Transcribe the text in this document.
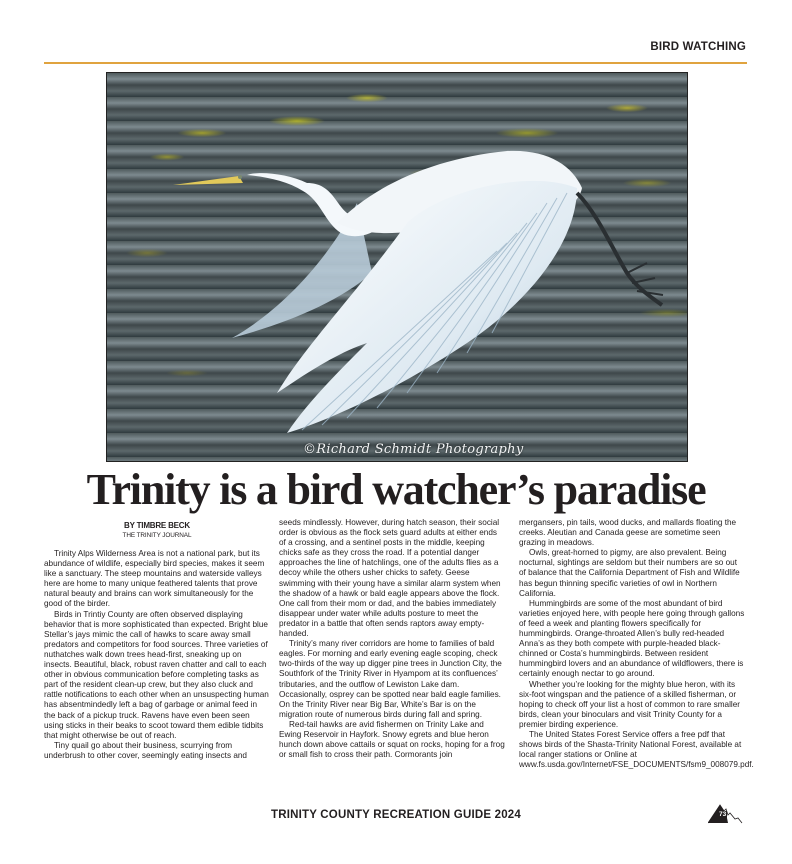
BIRD WATCHING
©Richard Schmidt Photography
Trinity is a bird watcher’s paradise
BY TIMBRE BECK
THE TRINITY JOURNAL

Trinity Alps Wilderness Area is not a national park, but its abundance of wildlife, especially bird species, makes it seem like a sanctuary. The steep mountains and waterside valleys here are home to many unique feathered talents that prove natural beauty and brains can work simultaneously for the good of the birder.

Birds in Trintiy County are often observed displaying behavior that is more sophisticated than expected. Bright blue Stellar’s jays mimic the call of hawks to scare away small predators and competitors for food sources. Three varieties of nuthatches walk down trees head-first, sneaking up on insects. Beautiful, black, robust raven chatter and call to each other in obvious communication before completing tasks as part of the resident clean-up crew, but they also cluck and rattle notifications to each other when an unsuspecting human has absentmindedly left a bag of garbage or animal feed in the back of a pickup truck. Ravens have even been seen using sticks in their beaks to scoot toward them edible tidbits that might otherwise be out of reach.

Tiny quail go about their business, scurrying from underbrush to other cover, seemingly eating insects and

seeds mindlessly. However, during hatch season, their social order is obvious as the flock sets guard adults at either ends of a crossing, and a sentinel posts in the middle, keeping chicks safe as they cross the road. If a potential danger approaches the line of hatchlings, one of the adults flies as a decoy while the others usher chicks to safety. Geese swimming with their young have a similar alarm system when the shadow of a hawk or bald eagle appears above the flock. One call from their mom or dad, and the babies immediately disappear under water while adults posture to meet the predator in a battle that often sends raptors away empty-handed.

Trinity’s many river corridors are home to families of bald eagles. For morning and early evening eagle scoping, check two-thirds of the way up digger pine trees in Junction City, the Southfork of the Trinity River in Hyampom at its confluences’ tributaries, and the outflow of Lewiston Lake dam. Occasionally, osprey can be spotted near bald eagle families. On the Trinity River near Big Bar, White’s Bar is on the migration route of numerous birds during fall and spring.

Red-tail hawks are avid fishermen on Trinity Lake and Ewing Reservoir in Hayfork. Snowy egrets and blue heron hunch down above cattails or squat on rocks, hoping for a frog or small fish to cross their path. Cormorants join

mergansers, pin tails, wood ducks, and mallards floating the creeks. Aleutian and Canada geese are sometime seen grazing in meadows.

Owls, great-horned to pigmy, are also prevalent. Being nocturnal, sightings are seldom but their numbers are so out of balance that the California Department of Fish and Wildlife has begun thinning specific varieties of owl in Northern California.

Hummingbirds are some of the most abundant of bird varieties enjoyed here, with people here going through gallons of feed a week and planting flowers specifically for hummingbirds. Orange-throated Allen’s bully red-headed Anna’s as they both compete with purple-headed black-chinned or Costa’s hummingbirds. Between resident hummingbird lovers and an abundance of wildflowers, there is certainly enough nectar to go around.

Whether you’re looking for the mighty blue heron, with its six-foot wingspan and the patience of a skilled fisherman, or hoping to check off your list a host of common to rare smaller birds, clean your binoculars and visit Trinity County for a premier birding experience.

The United States Forest Service offers a free pdf that shows birds of the Shasta-Trinity National Forest, available at local ranger stations or Online at www.fs.usda.gov/Internet/FSE_DOCUMENTS/fsm9_008079.pdf.

TRINITY COUNTY RECREATION GUIDE 2024	73
